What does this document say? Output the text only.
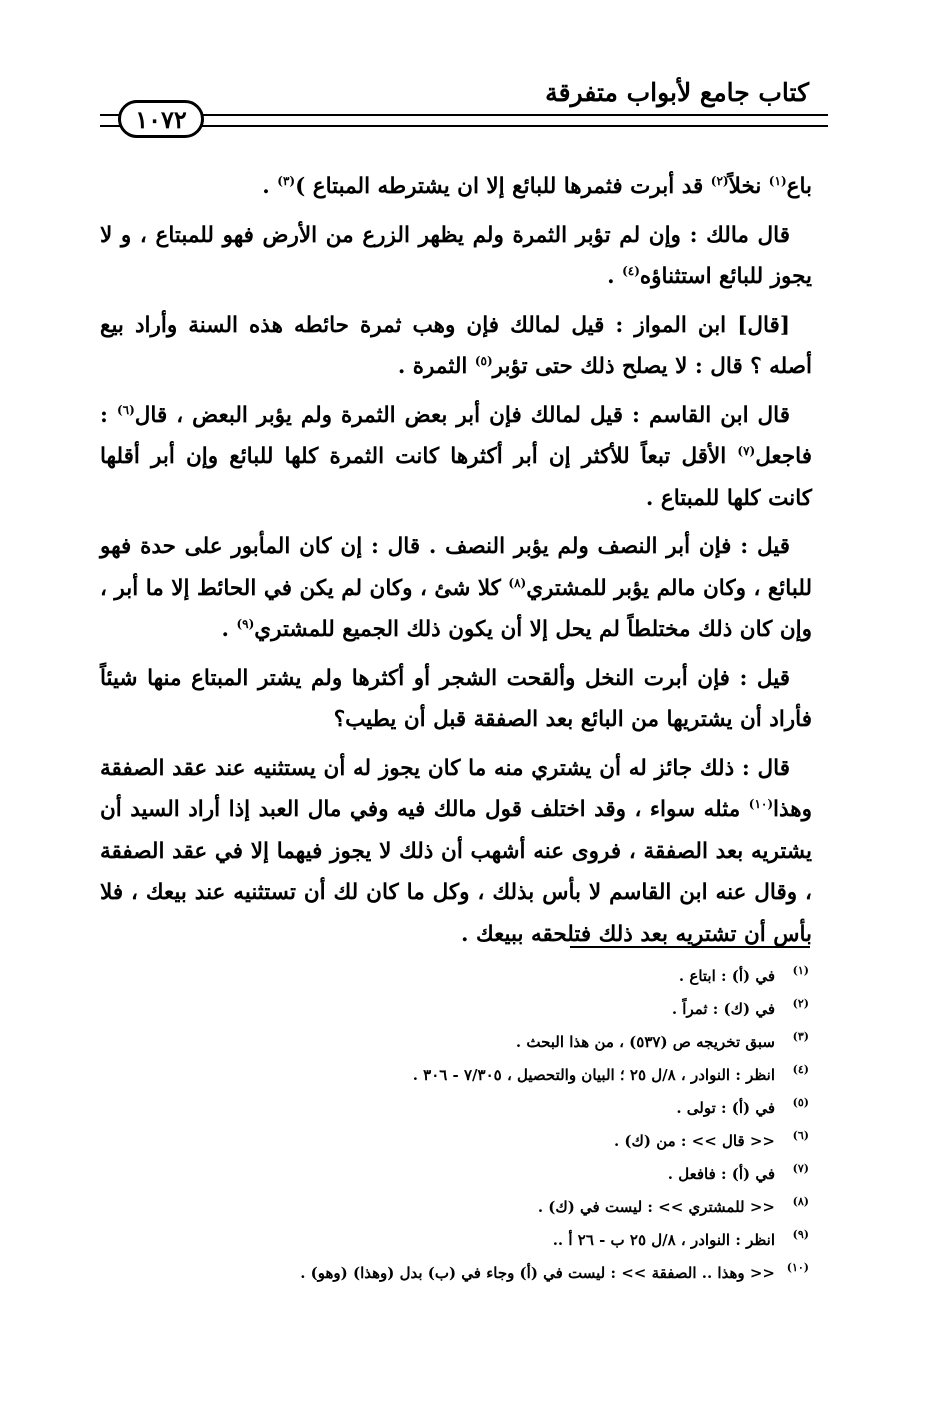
كتاب جامع لأبواب متفرقة
١٠٧٢

باع$^{(١)}$ نخلاً$^{(٢)}$ قد أبرت فثمرها للبائع إلا ان يشترطه المبتاع )$^{(٣)}$ .

قال مالك : وإن لم تؤبر الثمرة ولم يظهر الزرع من الأرض فهو للمبتاع ، و لا يجوز للبائع استثناؤه$^{(٤)}$ .

[قال] ابن المواز : قيل لمالك فإن وهب ثمرة حائطه هذه السنة وأراد بيع أصله ؟ قال : لا يصلح ذلك حتى تؤبر$^{(٥)}$ الثمرة .

قال ابن القاسم : قيل لمالك فإن أبر بعض الثمرة ولم يؤبر البعض ، قال$^{(٦)}$ : فاجعل$^{(٧)}$ الأقل تبعاً للأكثر إن أبر أكثرها كانت الثمرة كلها للبائع وإن أبر أقلها كانت كلها للمبتاع .

قيل : فإن أبر النصف ولم يؤبر النصف . قال : إن كان المأبور على حدة فهو للبائع ، وكان مالم يؤبر للمشتري$^{(٨)}$ كلا شئ ، وكان لم يكن في الحائط إلا ما أبر ، وإن كان ذلك مختلطاً لم يحل إلا أن يكون ذلك الجميع للمشتري$^{(٩)}$ .

قيل : فإن أبرت النخل وألقحت الشجر أو أكثرها ولم يشتر المبتاع منها شيئاً فأراد أن يشتريها من البائع بعد الصفقة قبل أن يطيب؟

قال : ذلك جائز له أن يشتري منه ما كان يجوز له أن يستثنيه عند عقد الصفقة وهذا$^{(١٠)}$ مثله سواء ، وقد اختلف قول مالك فيه وفي مال العبد إذا أراد السيد أن يشتريه بعد الصفقة ، فروى عنه أشهب أن ذلك لا يجوز فيهما إلا في عقد الصفقة ، وقال عنه ابن القاسم لا بأس بذلك ، وكل ما كان لك أن تستثنيه عند بيعك ، فلا بأس أن تشتريه بعد ذلك فتلحقه ببيعك .

(١)في (أ) : ابتاع .
(٢)في (ك) : ثمراً .
(٣)سبق تخريجه ص (٥٣٧) ، من هذا البحث .
(٤)انظر : النوادر ، ٨/ل ٢٥ ؛ البيان والتحصيل ، ٧/٣٠٥ - ٣٠٦ .
(٥)في (أ) : تولى .
(٦)<< قال >> : من (ك) .
(٧)في (أ) : فافعل .
(٨)<< للمشتري >> : ليست في (ك) .
(٩)انظر : النوادر ، ٨/ل ٢٥ ب - ٢٦ أ ..
(١٠)<< وهذا .. الصفقة >> : ليست في (أ) وجاء في (ب) بدل (وهذا) (وهو) .
